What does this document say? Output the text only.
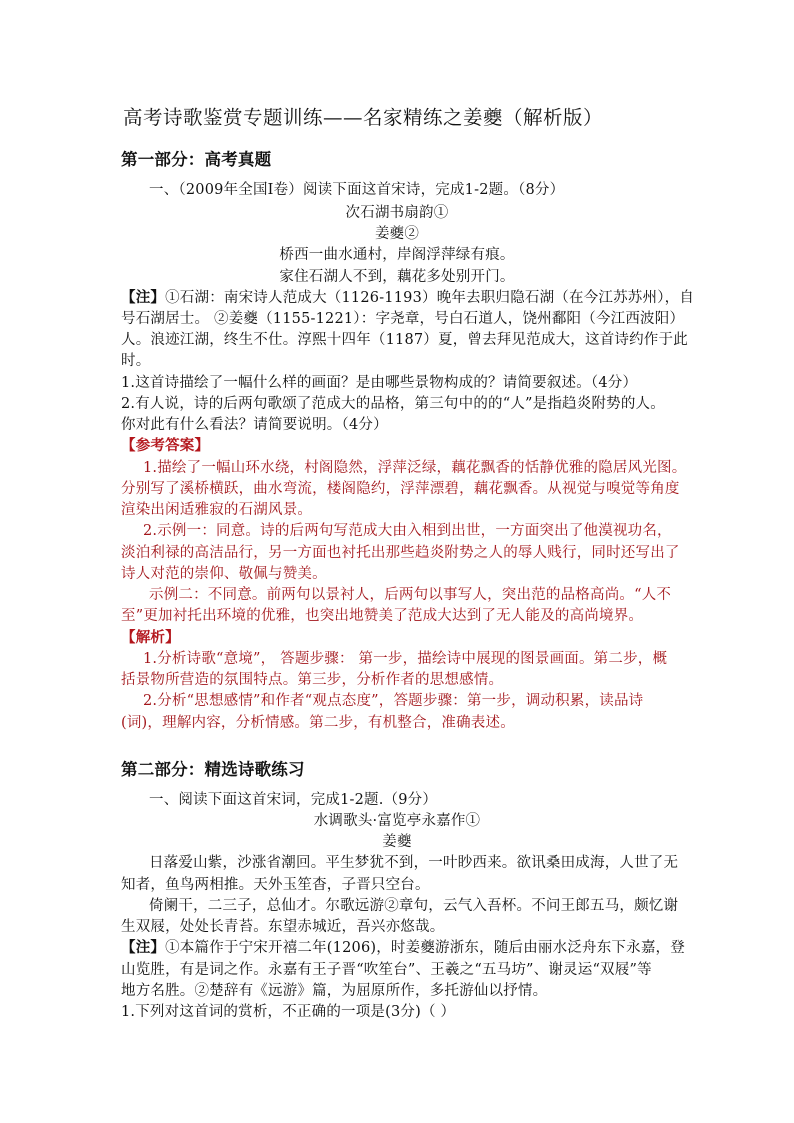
高考诗歌鉴赏专题训练——名家精练之姜夔（解析版）
第一部分：高考真题
一、（2009年全国Ⅰ卷）阅读下面这首宋诗，完成1-2题。（8分）
次石湖书扇韵①
姜夔②
桥西一曲水通村，岸阁浮萍绿有痕。
家住石湖人不到，藕花多处别开门。
【注】①石湖：南宋诗人范成大（1126-1193）晚年去职归隐石湖（在今江苏苏州），自
号石湖居士。 ②姜夔（1155-1221）：字尧章，号白石道人，饶州鄱阳（今江西波阳）
人。浪迹江湖，终生不仕。淳熙十四年（1187）夏，曾去拜见范成大，这首诗约作于此
时。
1.这首诗描绘了一幅什么样的画面？是由哪些景物构成的？请简要叙述。（4分）
2.有人说，诗的后两句歌颂了范成大的品格，第三句中的的“人”是指趋炎附势的人。
你对此有什么看法？请简要说明。（4分）
【参考答案】
1.描绘了一幅山环水绕，村阁隐然，浮萍泛绿，藕花飘香的恬静优雅的隐居风光图。
分别写了溪桥横跃，曲水弯流，楼阁隐约，浮萍漂碧，藕花飘香。从视觉与嗅觉等角度
渲染出闲适雅寂的石湖风景。
2.示例一：同意。诗的后两句写范成大由入相到出世，一方面突出了他漠视功名，
淡泊利禄的高洁品行，另一方面也衬托出那些趋炎附势之人的辱人贱行，同时还写出了
诗人对范的崇仰、敬佩与赞美。
示例二：不同意。前两句以景衬人，后两句以事写人，突出范的品格高尚。“人不
至”更加衬托出环境的优雅，也突出地赞美了范成大达到了无人能及的高尚境界。
【解析】
1.分析诗歌“意境”， 答题步骤： 第一步，描绘诗中展现的图景画面。第二步，概
括景物所营造的氛围特点。第三步，分析作者的思想感情。
2.分析“思想感情”和作者“观点态度”，答题步骤：第一步，调动积累，读品诗
(词)，理解内容，分析情感。第二步，有机整合，准确表述。
第二部分：精选诗歌练习
一、阅读下面这首宋词，完成1-2题.（9分）
水调歌头·富览亭永嘉作①
姜夔
日落爱山紫，沙涨省潮回。平生梦犹不到，一叶眇西来。欲讯桑田成海，人世了无
知者，鱼鸟两相推。天外玉笙杳，子晋只空台。
倚阑干，二三子，总仙才。尔歌远游②章句，云气入吾杯。不问王郎五马，颇忆谢
生双屐，处处长青苔。东望赤城近，吾兴亦悠哉。
【注】①本篇作于宁宋开禧二年(1206)，时姜夔游浙东，随后由丽水泛舟东下永嘉，登
山览胜，有是词之作。永嘉有王子晋“吹笙台”、王羲之“五马坊”、谢灵运“双屐”等
地方名胜。②楚辞有《远游》篇，为屈原所作，多托游仙以抒情。
1.下列对这首词的赏析，不正确的一项是(3分)（ ）
